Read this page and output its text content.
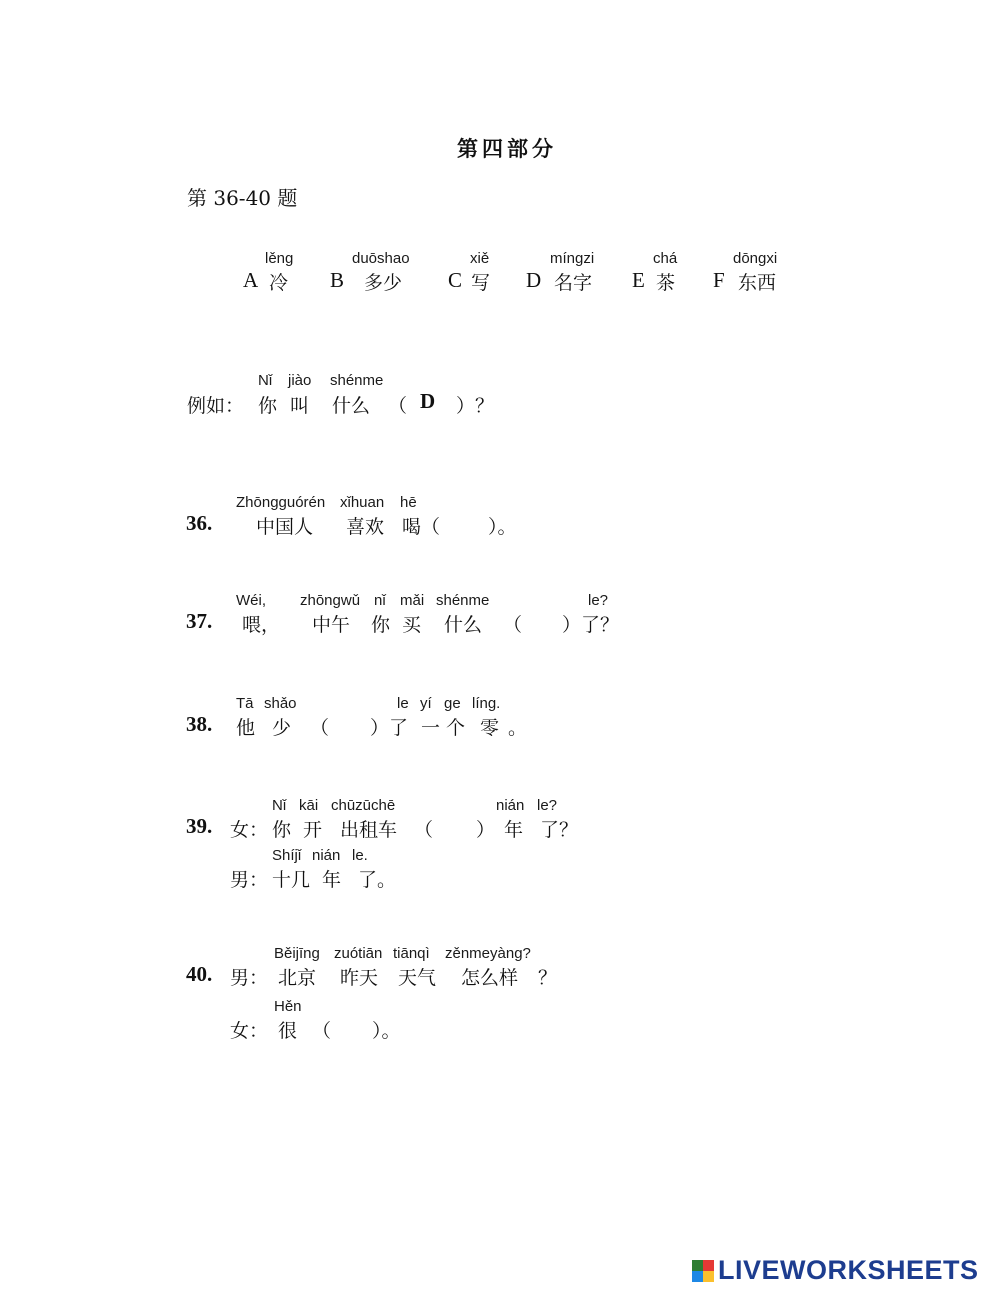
第四部分
第 36-40 题
lěng
A 冷
duōshao
B 多少
xiě
C 写
míngzi
D 名字
chá
E 茶
dōngxi
F 东西
Nǐ jiào shénme
例如： 你 叫 什么 （ D ）？
Zhōngguórén xǐhuan hē
36. 中国人 喜欢 喝（	）。
Wéi, zhōngwǔ nǐ mǎi shénme	le?
37. 喂， 中午 你 买 什么 （ ）了？
Tā shǎo	le yí ge líng.
38. 他 少 （ ）了 一 个 零 。
Nǐ kāi chūzūchē	nián le?
39. 女： 你 开 出租车 （ ） 年 了？
Shíjǐ nián le.
男： 十几 年 了。
Běijīng zuótiān tiānqì zěnmeyàng?
40. 男： 北京 昨天 天气 怎么样 ？
Hěn
女： 很 （ ）。
LIVEWORKSHEETS
